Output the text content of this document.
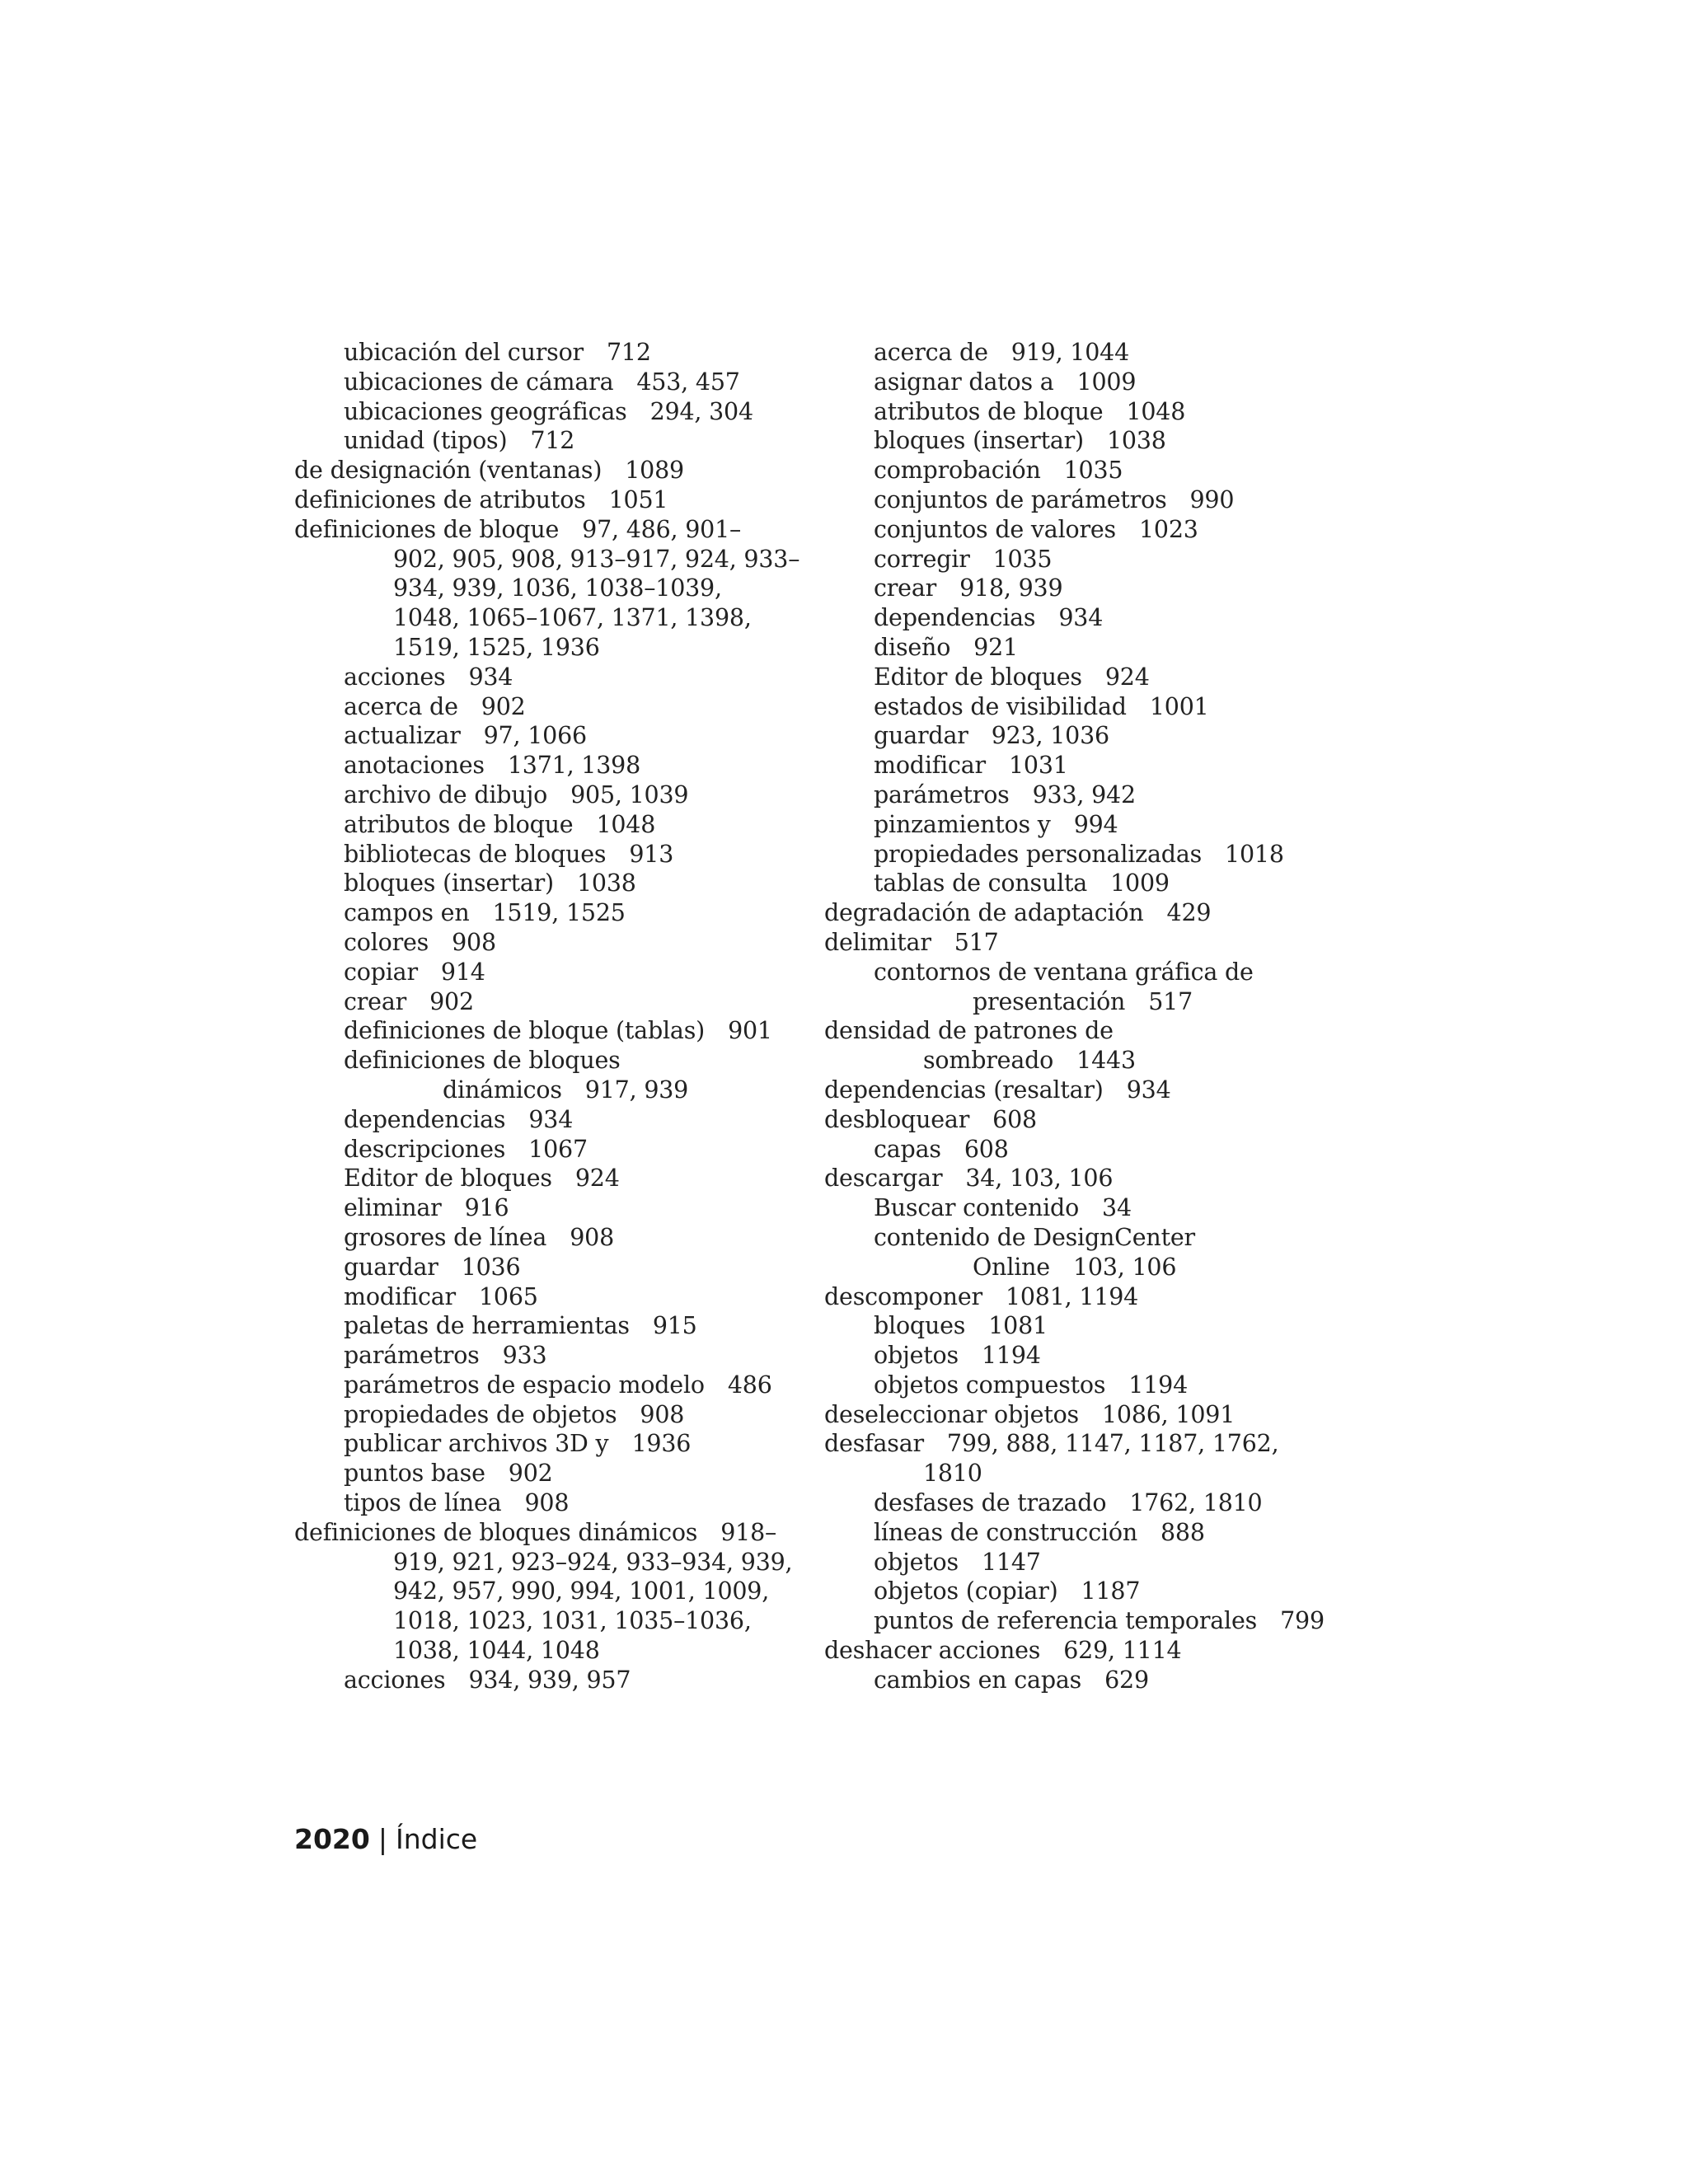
ubicación del cursor 712
ubicaciones de cámara 453, 457
ubicaciones geográficas 294, 304
unidad (tipos) 712
de designación (ventanas) 1089
definiciones de atributos 1051
definiciones de bloque 97, 486, 901–
902, 905, 908, 913–917, 924, 933–
934, 939, 1036, 1038–1039,
1048, 1065–1067, 1371, 1398,
1519, 1525, 1936
acciones 934
acerca de 902
actualizar 97, 1066
anotaciones 1371, 1398
archivo de dibujo 905, 1039
atributos de bloque 1048
bibliotecas de bloques 913
bloques (insertar) 1038
campos en 1519, 1525
colores 908
copiar 914
crear 902
definiciones de bloque (tablas) 901
definiciones de bloques
dinámicos 917, 939
dependencias 934
descripciones 1067
Editor de bloques 924
eliminar 916
grosores de línea 908
guardar 1036
modificar 1065
paletas de herramientas 915
parámetros 933
parámetros de espacio modelo 486
propiedades de objetos 908
publicar archivos 3D y 1936
puntos base 902
tipos de línea 908
definiciones de bloques dinámicos 918–
919, 921, 923–924, 933–934, 939,
942, 957, 990, 994, 1001, 1009,
1018, 1023, 1031, 1035–1036,
1038, 1044, 1048
acciones 934, 939, 957
acerca de 919, 1044
asignar datos a 1009
atributos de bloque 1048
bloques (insertar) 1038
comprobación 1035
conjuntos de parámetros 990
conjuntos de valores 1023
corregir 1035
crear 918, 939
dependencias 934
diseño 921
Editor de bloques 924
estados de visibilidad 1001
guardar 923, 1036
modificar 1031
parámetros 933, 942
pinzamientos y 994
propiedades personalizadas 1018
tablas de consulta 1009
degradación de adaptación 429
delimitar 517
contornos de ventana gráfica de
presentación 517
densidad de patrones de
sombreado 1443
dependencias (resaltar) 934
desbloquear 608
capas 608
descargar 34, 103, 106
Buscar contenido 34
contenido de DesignCenter
Online 103, 106
descomponer 1081, 1194
bloques 1081
objetos 1194
objetos compuestos 1194
deseleccionar objetos 1086, 1091
desfasar 799, 888, 1147, 1187, 1762,
1810
desfases de trazado 1762, 1810
líneas de construcción 888
objetos 1147
objetos (copiar) 1187
puntos de referencia temporales 799
deshacer acciones 629, 1114
cambios en capas 629
2020 | Índice
